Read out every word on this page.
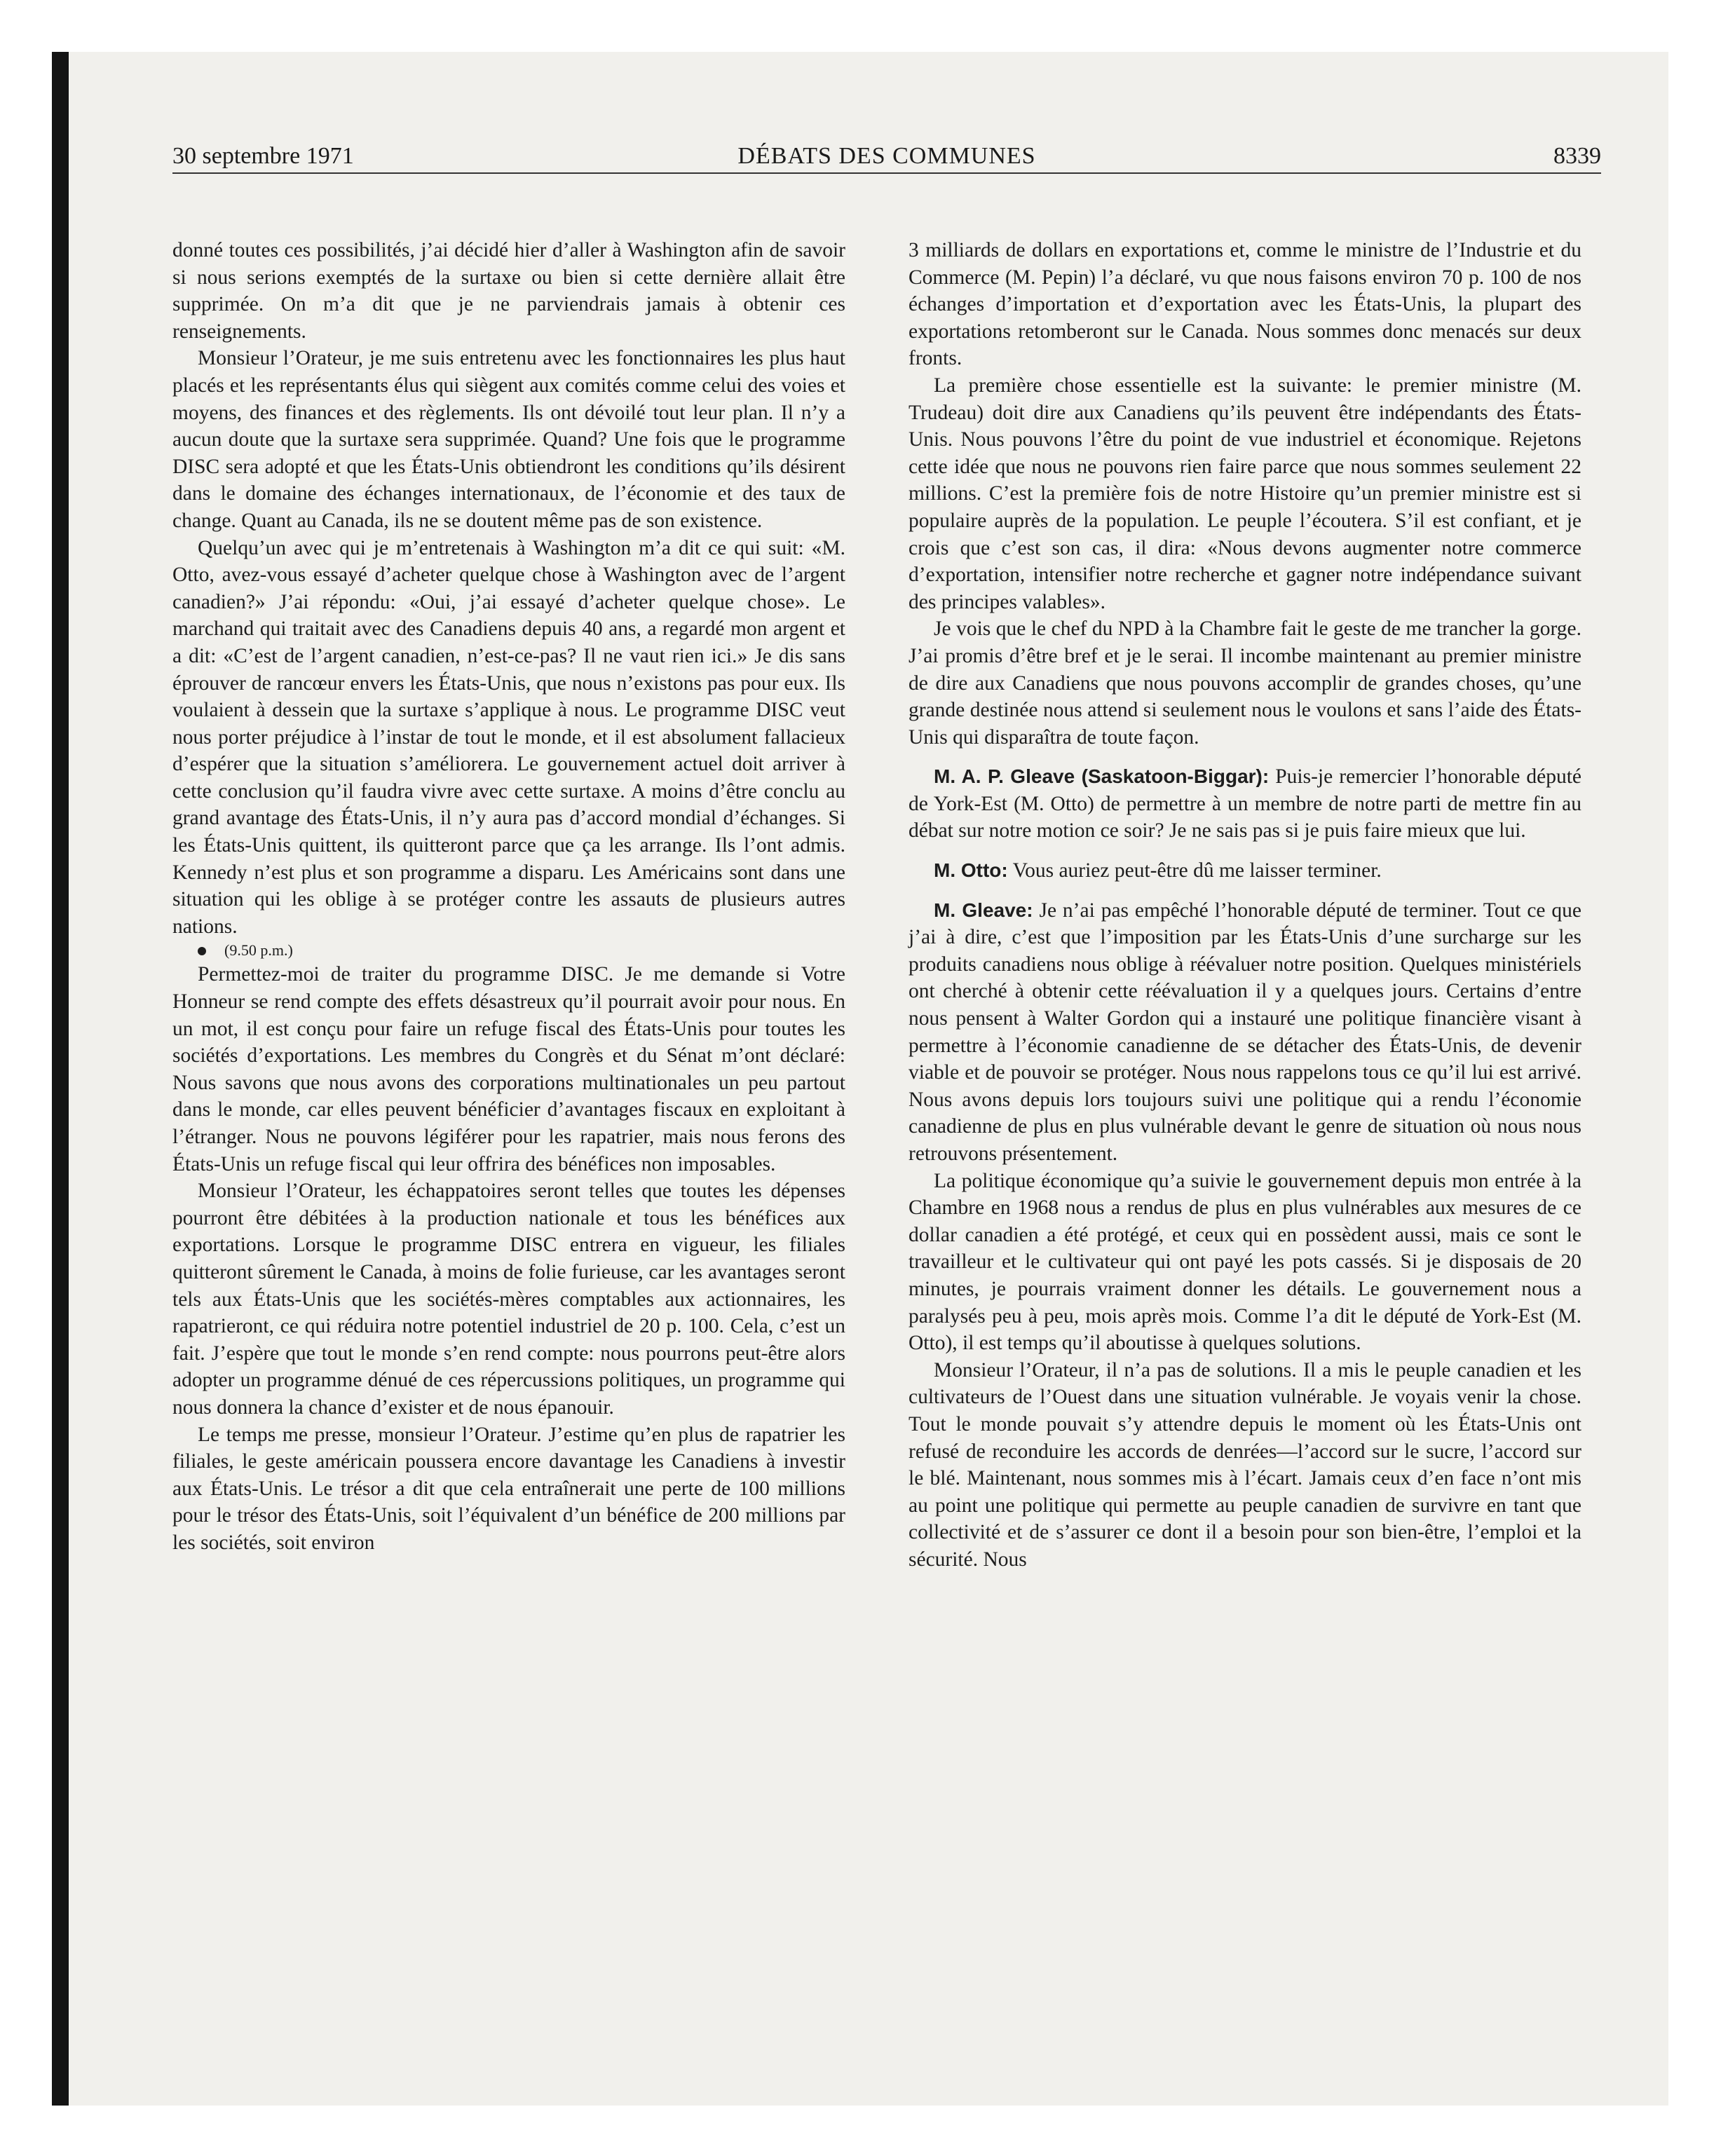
30 septembre 1971	DÉBATS DES COMMUNES	8339

donné toutes ces possibilités, j’ai décidé hier d’aller à Washington afin de savoir si nous serions exemptés de la surtaxe ou bien si cette dernière allait être supprimée. On m’a dit que je ne parviendrais jamais à obtenir ces renseignements.

Monsieur l’Orateur, je me suis entretenu avec les fonctionnaires les plus haut placés et les représentants élus qui siègent aux comités comme celui des voies et moyens, des finances et des règlements. Ils ont dévoilé tout leur plan. Il n’y a aucun doute que la surtaxe sera supprimée. Quand? Une fois que le programme DISC sera adopté et que les États-Unis obtiendront les conditions qu’ils désirent dans le domaine des échanges internationaux, de l’économie et des taux de change. Quant au Canada, ils ne se doutent même pas de son existence.

Quelqu’un avec qui je m’entretenais à Washington m’a dit ce qui suit: «M. Otto, avez-vous essayé d’acheter quelque chose à Washington avec de l’argent canadien?» J’ai répondu: «Oui, j’ai essayé d’acheter quelque chose». Le marchand qui traitait avec des Canadiens depuis 40 ans, a regardé mon argent et a dit: «C’est de l’argent canadien, n’est-ce-pas? Il ne vaut rien ici.» Je dis sans éprouver de rancœur envers les États-Unis, que nous n’existons pas pour eux. Ils voulaient à dessein que la surtaxe s’applique à nous. Le programme DISC veut nous porter préjudice à l’instar de tout le monde, et il est absolument fallacieux d’espérer que la situation s’améliorera. Le gouvernement actuel doit arriver à cette conclusion qu’il faudra vivre avec cette surtaxe. A moins d’être conclu au grand avantage des États-Unis, il n’y aura pas d’accord mondial d’échanges. Si les États-Unis quittent, ils quitteront parce que ça les arrange. Ils l’ont admis. Kennedy n’est plus et son programme a disparu. Les Américains sont dans une situation qui les oblige à se protéger contre les assauts de plusieurs autres nations.

(9.50 p.m.)

Permettez-moi de traiter du programme DISC. Je me demande si Votre Honneur se rend compte des effets désastreux qu’il pourrait avoir pour nous. En un mot, il est conçu pour faire un refuge fiscal des États-Unis pour toutes les sociétés d’exportations. Les membres du Congrès et du Sénat m’ont déclaré: Nous savons que nous avons des corporations multinationales un peu partout dans le monde, car elles peuvent bénéficier d’avantages fiscaux en exploitant à l’étranger. Nous ne pouvons légiférer pour les rapatrier, mais nous ferons des États-Unis un refuge fiscal qui leur offrira des bénéfices non imposables.

Monsieur l’Orateur, les échappatoires seront telles que toutes les dépenses pourront être débitées à la production nationale et tous les bénéfices aux exportations. Lorsque le programme DISC entrera en vigueur, les filiales quitteront sûrement le Canada, à moins de folie furieuse, car les avantages seront tels aux États-Unis que les sociétés-mères comptables aux actionnaires, les rapatrieront, ce qui réduira notre potentiel industriel de 20 p. 100. Cela, c’est un fait. J’espère que tout le monde s’en rend compte: nous pourrons peut-être alors adopter un programme dénué de ces répercussions politiques, un programme qui nous donnera la chance d’exister et de nous épanouir.

Le temps me presse, monsieur l’Orateur. J’estime qu’en plus de rapatrier les filiales, le geste américain poussera encore davantage les Canadiens à investir aux États-Unis. Le trésor a dit que cela entraînerait une perte de 100 millions pour le trésor des États-Unis, soit l’équivalent d’un bénéfice de 200 millions par les sociétés, soit environ

3 milliards de dollars en exportations et, comme le ministre de l’Industrie et du Commerce (M. Pepin) l’a déclaré, vu que nous faisons environ 70 p. 100 de nos échanges d’importation et d’exportation avec les États-Unis, la plupart des exportations retomberont sur le Canada. Nous sommes donc menacés sur deux fronts.

La première chose essentielle est la suivante: le premier ministre (M. Trudeau) doit dire aux Canadiens qu’ils peuvent être indépendants des États-Unis. Nous pouvons l’être du point de vue industriel et économique. Rejetons cette idée que nous ne pouvons rien faire parce que nous sommes seulement 22 millions. C’est la première fois de notre Histoire qu’un premier ministre est si populaire auprès de la population. Le peuple l’écoutera. S’il est confiant, et je crois que c’est son cas, il dira: «Nous devons augmenter notre commerce d’exportation, intensifier notre recherche et gagner notre indépendance suivant des principes valables».

Je vois que le chef du NPD à la Chambre fait le geste de me trancher la gorge. J’ai promis d’être bref et je le serai. Il incombe maintenant au premier ministre de dire aux Canadiens que nous pouvons accomplir de grandes choses, qu’une grande destinée nous attend si seulement nous le voulons et sans l’aide des États-Unis qui disparaîtra de toute façon.

M. A. P. Gleave (Saskatoon-Biggar): Puis-je remercier l’honorable député de York-Est (M. Otto) de permettre à un membre de notre parti de mettre fin au débat sur notre motion ce soir? Je ne sais pas si je puis faire mieux que lui.

M. Otto: Vous auriez peut-être dû me laisser terminer.

M. Gleave: Je n’ai pas empêché l’honorable député de terminer. Tout ce que j’ai à dire, c’est que l’imposition par les États-Unis d’une surcharge sur les produits canadiens nous oblige à réévaluer notre position. Quelques ministériels ont cherché à obtenir cette réévaluation il y a quelques jours. Certains d’entre nous pensent à Walter Gordon qui a instauré une politique financière visant à permettre à l’économie canadienne de se détacher des États-Unis, de devenir viable et de pouvoir se protéger. Nous nous rappelons tous ce qu’il lui est arrivé. Nous avons depuis lors toujours suivi une politique qui a rendu l’économie canadienne de plus en plus vulnérable devant le genre de situation où nous nous retrouvons présentement.

La politique économique qu’a suivie le gouvernement depuis mon entrée à la Chambre en 1968 nous a rendus de plus en plus vulnérables aux mesures de ce dollar canadien a été protégé, et ceux qui en possèdent aussi, mais ce sont le travailleur et le cultivateur qui ont payé les pots cassés. Si je disposais de 20 minutes, je pourrais vraiment donner les détails. Le gouvernement nous a paralysés peu à peu, mois après mois. Comme l’a dit le député de York-Est (M. Otto), il est temps qu’il aboutisse à quelques solutions.

Monsieur l’Orateur, il n’a pas de solutions. Il a mis le peuple canadien et les cultivateurs de l’Ouest dans une situation vulnérable. Je voyais venir la chose. Tout le monde pouvait s’y attendre depuis le moment où les États-Unis ont refusé de reconduire les accords de denrées—l’accord sur le sucre, l’accord sur le blé. Maintenant, nous sommes mis à l’écart. Jamais ceux d’en face n’ont mis au point une politique qui permette au peuple canadien de survivre en tant que collectivité et de s’assurer ce dont il a besoin pour son bien-être, l’emploi et la sécurité. Nous
